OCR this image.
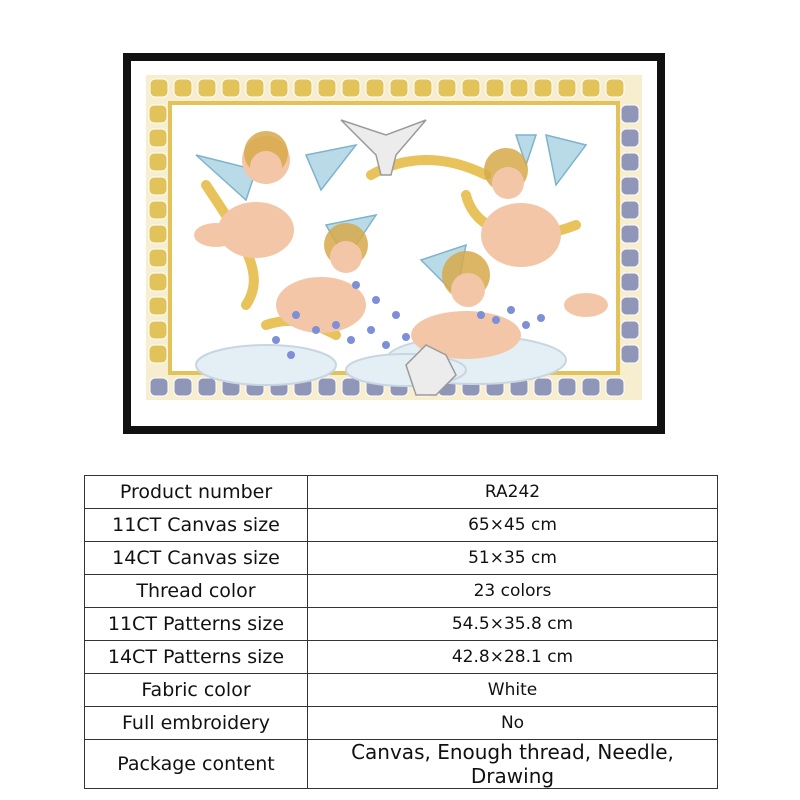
Product number	RA242
11CT Canvas size	65×45 cm
14CT Canvas size	51×35 cm
Thread color	23 colors
11CT Patterns size	54.5×35.8 cm
14CT Patterns size	42.8×28.1 cm
Fabric color	White
Full embroidery	No
Package content	Canvas, Enough thread, Needle, Drawing
